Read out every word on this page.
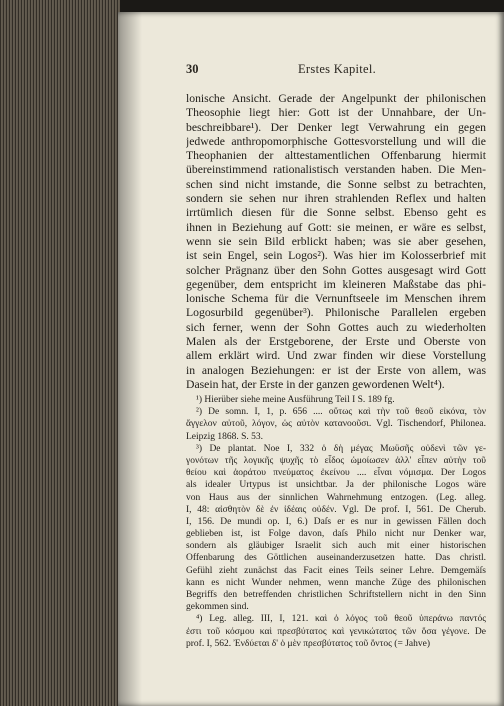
30	Erstes Kapitel.
lonische Ansicht. Gerade der Angelpunkt der philonischen
Theosophie liegt hier: Gott ist der Unnahbare, der Un-
beschreibbare¹). Der Denker legt Verwahrung ein gegen
jedwede anthropomorphische Gottesvorstellung und will die
Theophanien der alttestamentlichen Offenbarung hiermit
übereinstimmend rationalistisch verstanden haben. Die Men-
schen sind nicht imstande, die Sonne selbst zu betrachten,
sondern sie sehen nur ihren strahlenden Reflex und halten
irrtümlich diesen für die Sonne selbst. Ebenso geht es
ihnen in Beziehung auf Gott: sie meinen, er wäre es selbst,
wenn sie sein Bild erblickt haben; was sie aber gesehen,
ist sein Engel, sein Logos²). Was hier im Kolosserbrief mit
solcher Prägnanz über den Sohn Gottes ausgesagt wird Gott
gegenüber, dem entspricht im kleineren Maßstabe das phi-
lonische Schema für die Vernunftseele im Menschen ihrem
Logosurbild gegenüber³). Philonische Parallelen ergeben
sich ferner, wenn der Sohn Gottes auch zu wiederholten
Malen als der Erstgeborene, der Erste und Oberste von
allem erklärt wird. Und zwar finden wir diese Vorstellung
in analogen Beziehungen: er ist der Erste von allem, was
Dasein hat, der Erste in der ganzen gewordenen Welt⁴).
¹) Hierüber siehe meine Ausführung Teil I S. 189 fg.
²) De somn. I, 1, p. 656 .... οὕτως καὶ τὴν τοῦ θεοῦ εἰκόνα, τὸν
ἄγγελον αὐτοῦ, λόγον, ὡς αὐτὸν κατανοοῦσι. Vgl. Tischendorf, Philonea.
Leipzig 1868. S. 53.
³) De plantat. Noe I, 332 ὁ δὴ μέγας Μωϋσῆς οὐδενὶ τῶν γε-
γονότων τῆς λογικῆς ψυχῆς τὸ εἶδος ὡμοίωσεν ἀλλ' εἶπεν αὐτὴν τοῦ
θείου καὶ ἀοράτου πνεύματος ἐκείνου .... εἶναι νόμισμα. Der Logos
als idealer Urtypus ist unsichtbar. Ja der philonische Logos wäre
von Haus aus der sinnlichen Wahrnehmung entzogen. (Leg. alleg.
I, 48: αἰσθητὸν δὲ ἐν ἰδέαις οὐδέν. Vgl. De prof. I, 561. De Cherub.
I, 156. De mundi op. I, 6.) Daſs er es nur in gewissen Fällen doch
geblieben ist, ist Folge davon, daſs Philo nicht nur Denker war,
sondern als gläubiger Israelit sich auch mit einer historischen
Offenbarung des Göttlichen auseinanderzusetzen hatte. Das christl.
Gefühl zieht zunächst das Facit eines Teils seiner Lehre. Demgemäſs
kann es nicht Wunder nehmen, wenn manche Züge des philonischen
Begriffs den betreffenden christlichen Schriftstellern nicht in den Sinn
gekommen sind.
⁴) Leg. alleg. III, I, 121. καὶ ὁ λόγος τοῦ θεοῦ ὑπεράνω παντός
ἐστι τοῦ κόσμου καὶ πρεσβύτατος καὶ γενικώτατος τῶν ὅσα γέγονε. De
prof. I, 562. Ἐνδύεται δ' ὁ μὲν πρεσβύτατος τοῦ ὄντος (= Jahve)
